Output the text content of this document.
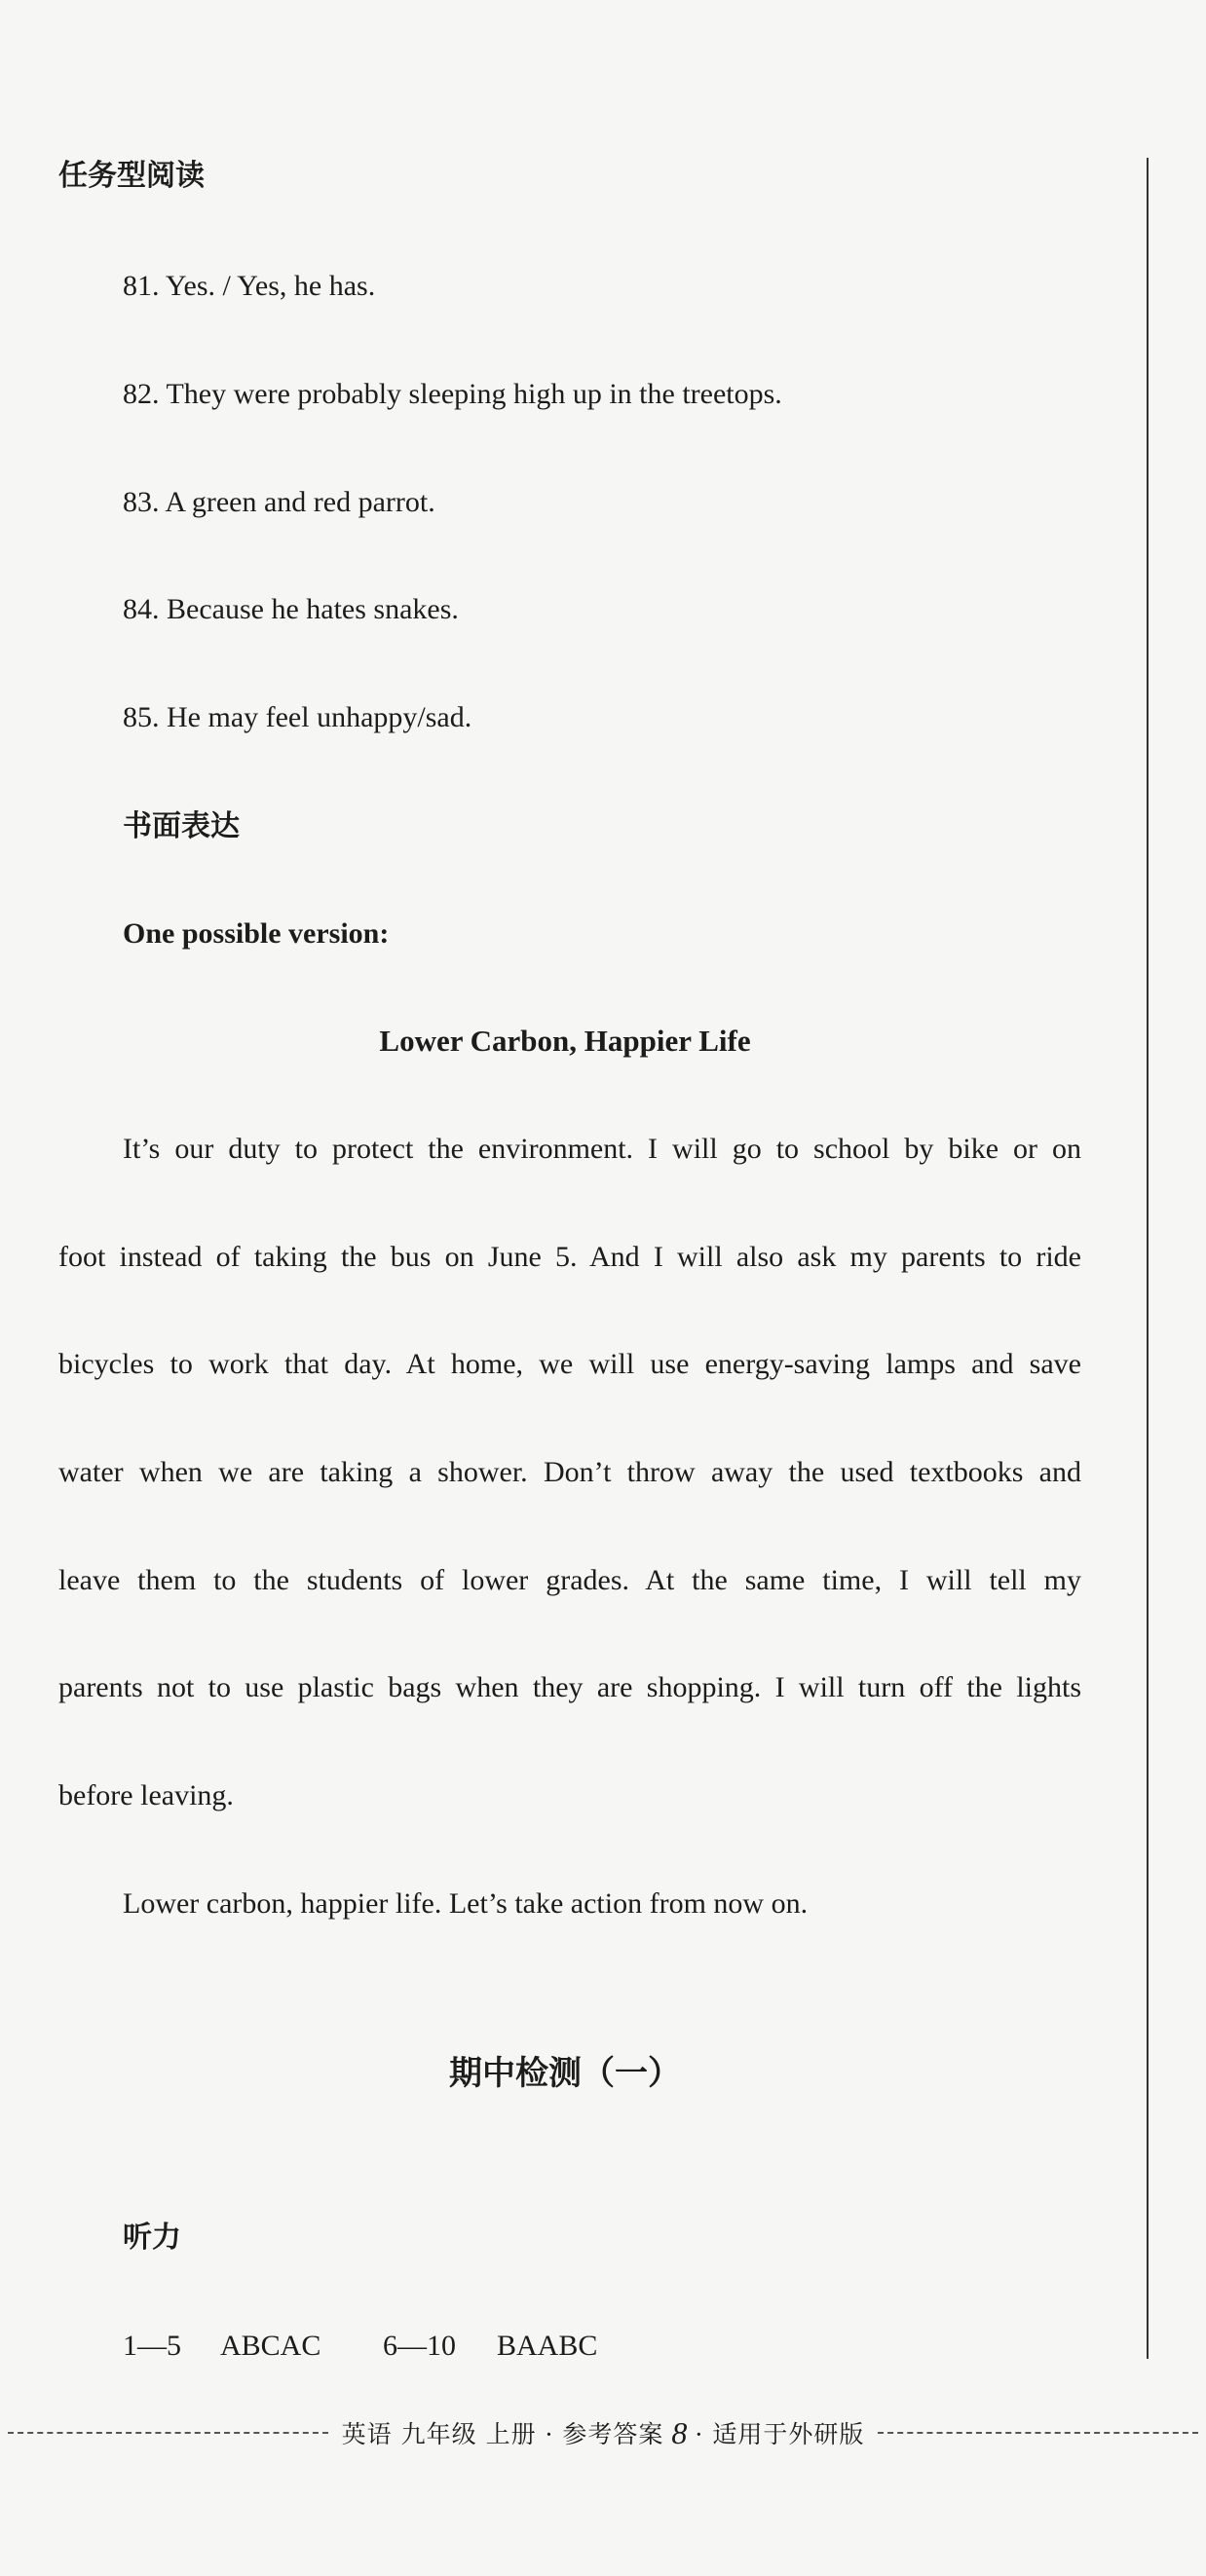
任务型阅读
81. Yes. / Yes, he has.
82. They were probably sleeping high up in the treetops.
83. A green and red parrot.
84. Because he hates snakes.
85. He may feel unhappy/sad.
书面表达
One possible version:
Lower Carbon, Happier Life
It’s our duty to protect the environment. I will go to school by bike or on
foot instead of taking the bus on June 5. And I will also ask my parents to ride
bicycles to work that day. At home, we will use energy-saving lamps and save
water when we are taking a shower. Don’t throw away the used textbooks and
leave them to the students of lower grades. At the same time, I will tell my
parents not to use plastic bags when they are shopping. I will turn off the lights
before leaving.
Lower carbon, happier life. Let’s take action from now on.
期中检测（一）
听力
1—5 ABCAC 6—10 BAABC
英语 九年级 上册 · 参考答案 8 · 适用于外研版
